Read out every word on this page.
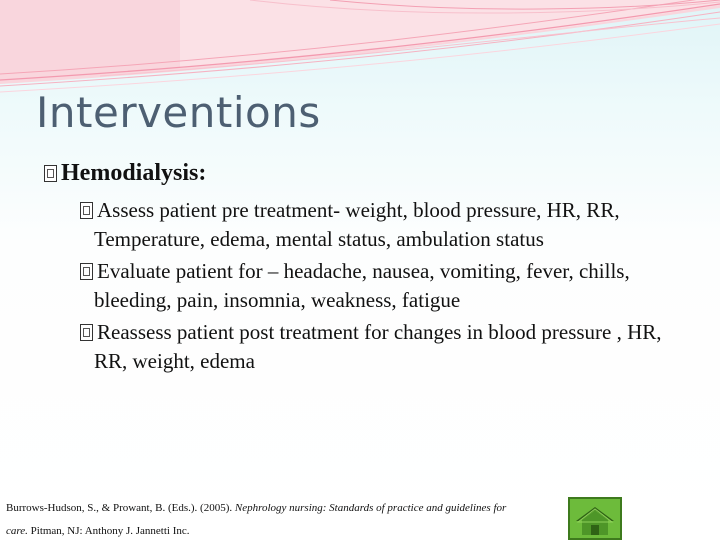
Interventions
Hemodialysis:
Assess patient pre treatment- weight, blood pressure, HR, RR, Temperature, edema, mental status, ambulation status
Evaluate patient for – headache, nausea, vomiting, fever, chills, bleeding, pain, insomnia, weakness, fatigue
Reassess patient post treatment for changes in blood pressure , HR, RR, weight, edema
Burrows-Hudson, S., & Prowant, B. (Eds.). (2005). Nephrology nursing: Standards of practice and guidelines for care. Pitman, NJ: Anthony J. Jannetti Inc.
